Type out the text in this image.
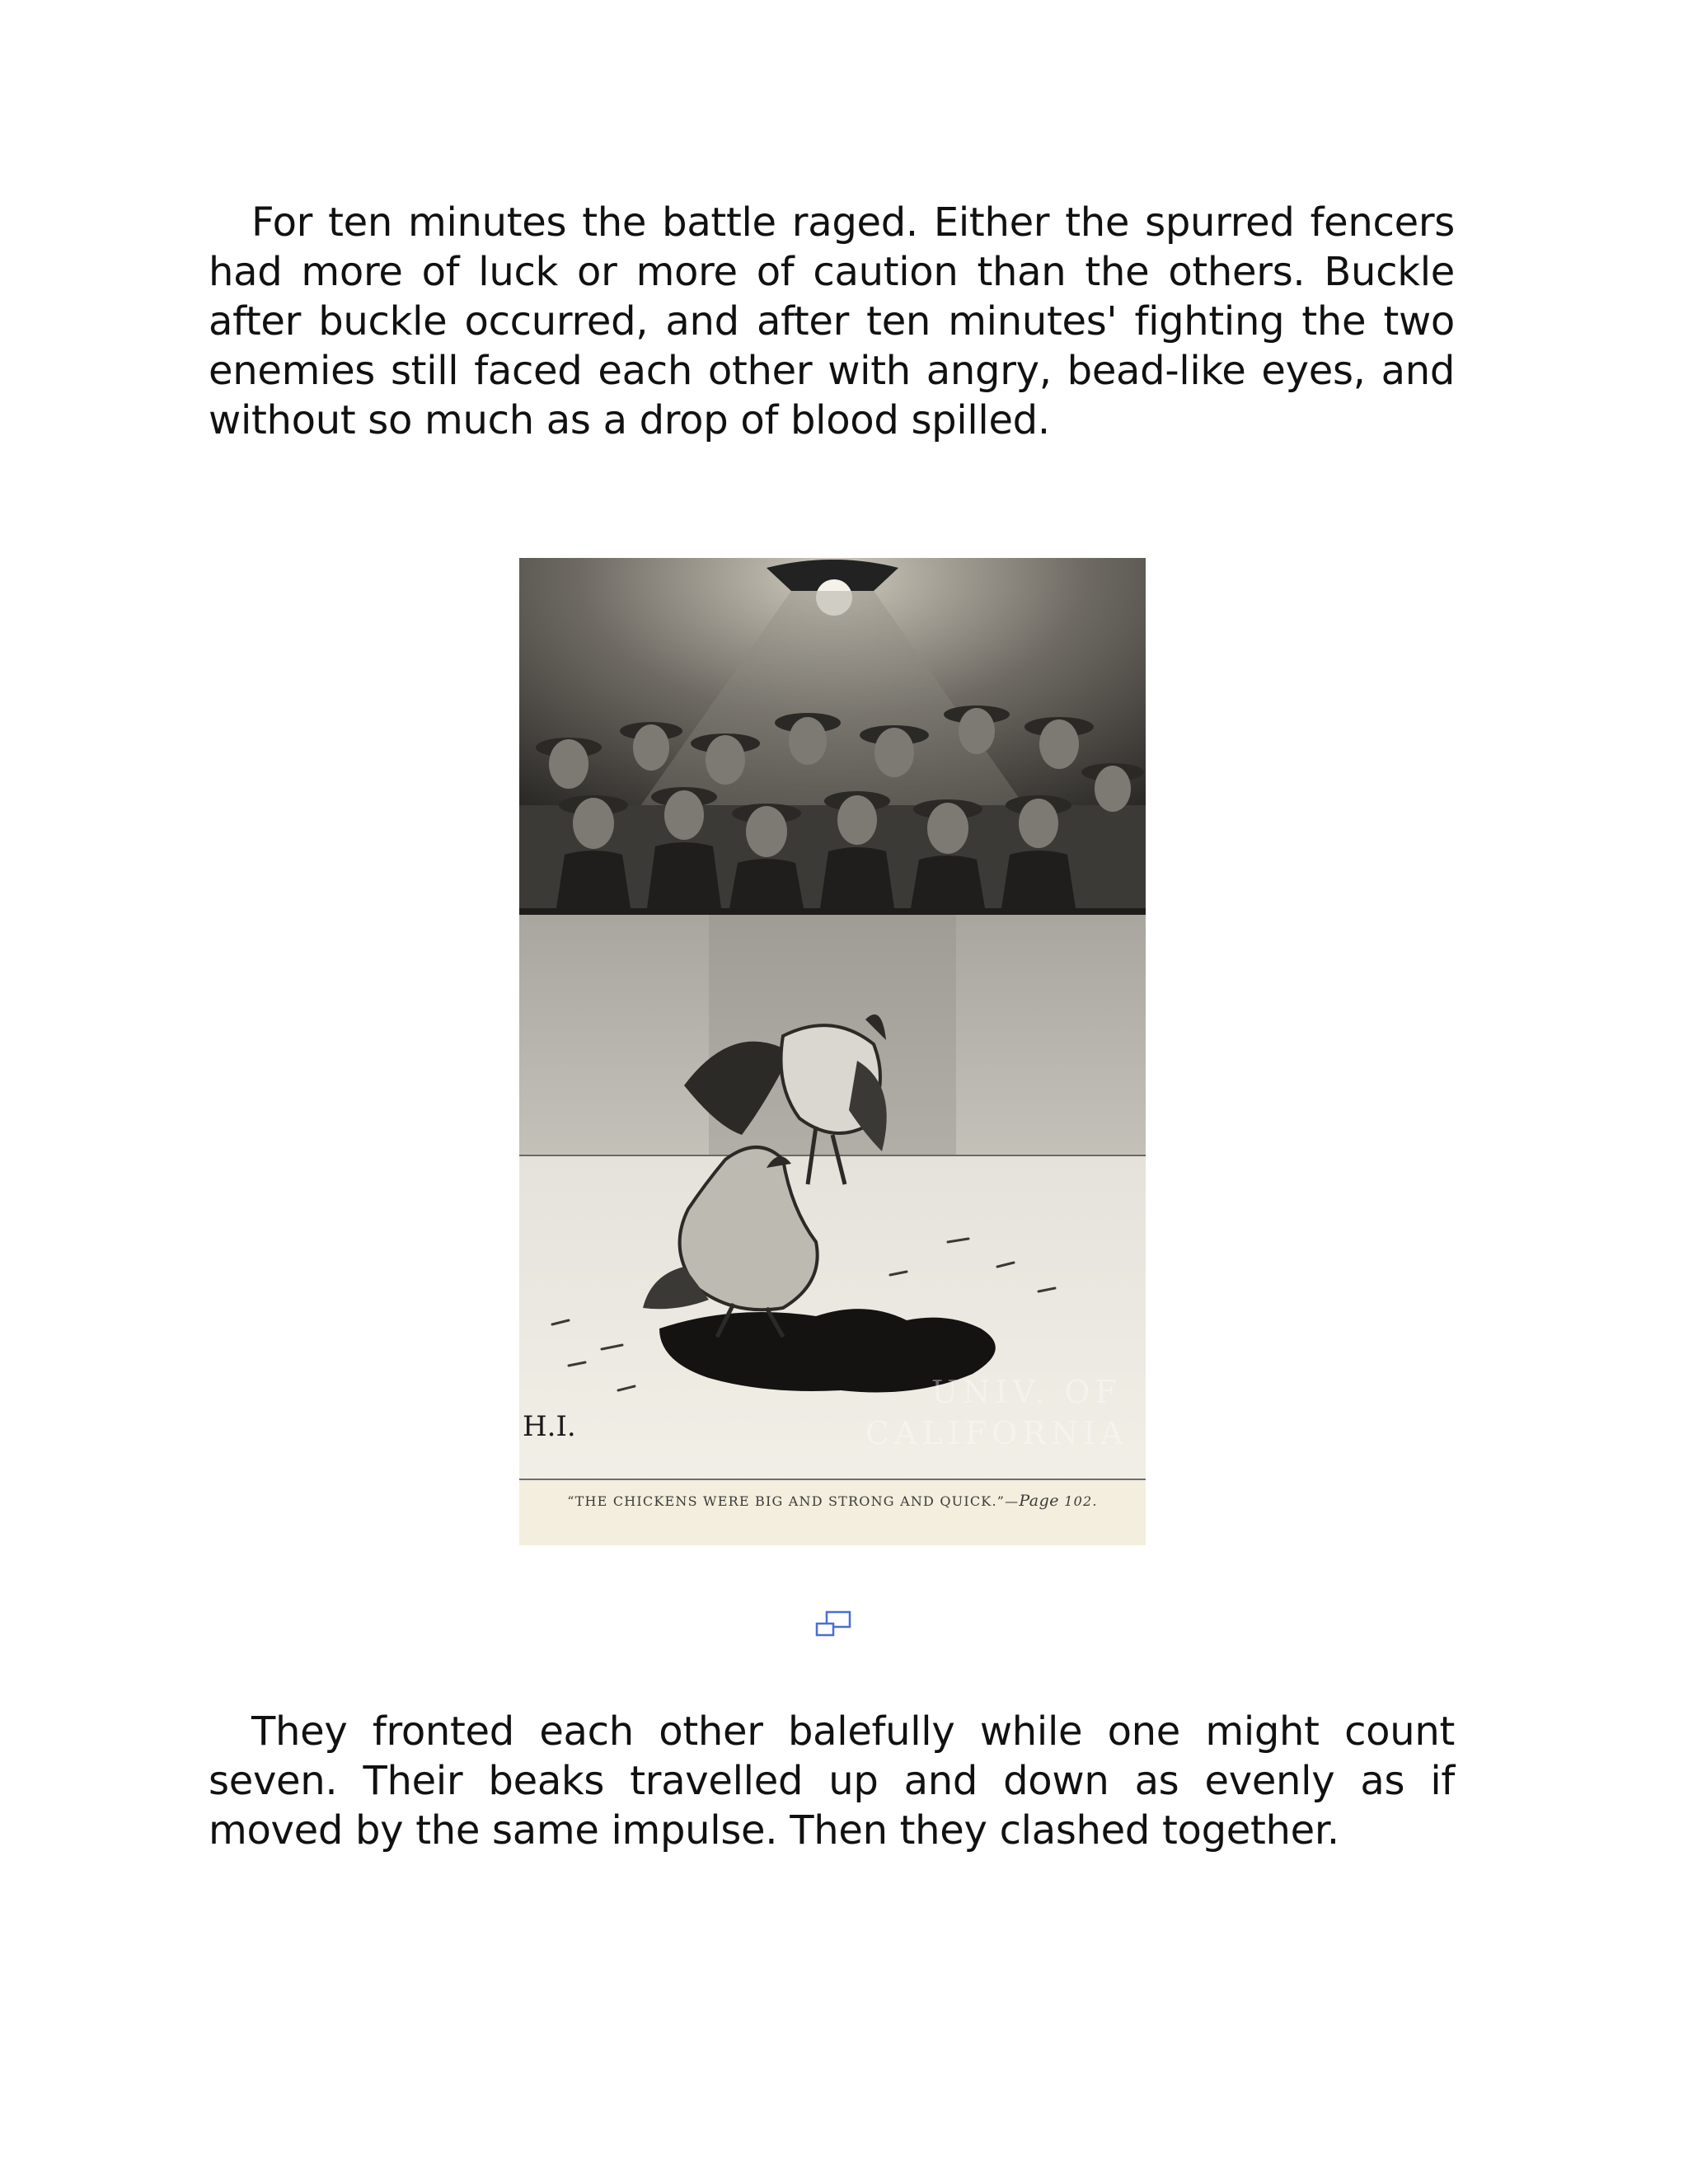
For ten minutes the battle raged. Either the spurred fencers had more of luck or more of caution than the others. Buckle after buckle occurred, and after ten minutes' fighting the two enemies still faced each other with angry, bead-like eyes, and without so much as a drop of blood spilled.

UNIV. OF
CALIFORNIA
H.I.
“THE CHICKENS WERE BIG AND STRONG AND QUICK.”—Page 102.

They fronted each other balefully while one might count seven. Their beaks travelled up and down as evenly as if moved by the same impulse. Then they clashed together.
